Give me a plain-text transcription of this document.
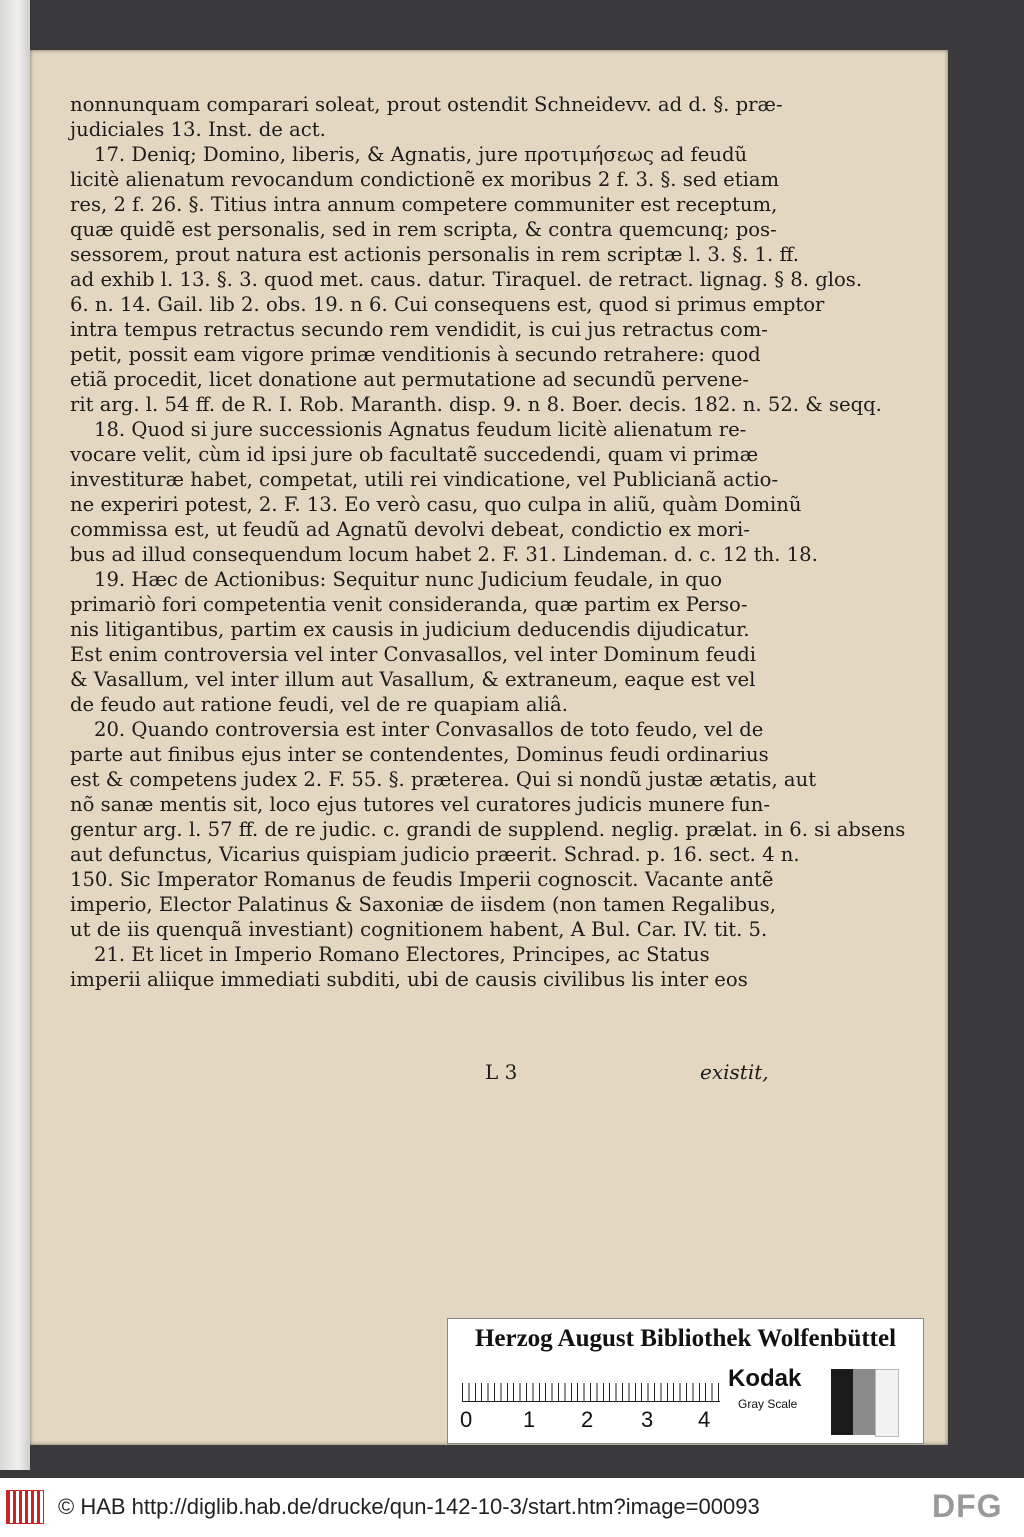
nonnunquam comparari soleat, prout ostendit Schneidevv. ad d. §. præ-
judiciales 13. Inst. de act.
17. Deniq; Domino, liberis, & Agnatis, jure προτιμήσεως ad feudũ
licitè alienatum revocandum condictionẽ ex moribus 2 f. 3. §. sed etiam
res, 2 f. 26. §. Titius intra annum competere communiter est receptum,
quæ quidẽ est personalis, sed in rem scripta, & contra quemcunq; pos-
sessorem, prout natura est actionis personalis in rem scriptæ l. 3. §. 1. ff.
ad exhib l. 13. §. 3. quod met. caus. datur. Tiraquel. de retract. lignag. § 8. glos.
6. n. 14. Gail. lib 2. obs. 19. n 6. Cui consequens est, quod si primus emptor
intra tempus retractus secundo rem vendidit, is cui jus retractus com-
petit, possit eam vigore primæ venditionis à secundo retrahere: quod
etiã procedit, licet donatione aut permutatione ad secundũ pervene-
rit arg. l. 54 ff. de R. I. Rob. Maranth. disp. 9. n 8. Boer. decis. 182. n. 52. & seqq.
18. Quod si jure successionis Agnatus feudum licitè alienatum re-
vocare velit, cùm id ipsi jure ob facultatẽ succedendi, quam vi primæ
investituræ habet, competat, utili rei vindicatione, vel Publicianã actio-
ne experiri potest, 2. F. 13. Eo verò casu, quo culpa in aliũ, quàm Dominũ
commissa est, ut feudũ ad Agnatũ devolvi debeat, condictio ex mori-
bus ad illud consequendum locum habet 2. F. 31. Lindeman. d. c. 12 th. 18.
19. Hæc de Actionibus: Sequitur nunc Judicium feudale, in quo
primariò fori competentia venit consideranda, quæ partim ex Perso-
nis litigantibus, partim ex causis in judicium deducendis dijudicatur.
Est enim controversia vel inter Convasallos, vel inter Dominum feudi
& Vasallum, vel inter illum aut Vasallum, & extraneum, eaque est vel
de feudo aut ratione feudi, vel de re quapiam aliâ.
20. Quando controversia est inter Convasallos de toto feudo, vel de
parte aut finibus ejus inter se contendentes, Dominus feudi ordinarius
est & competens judex 2. F. 55. §. præterea. Qui si nondũ justæ ætatis, aut
nõ sanæ mentis sit, loco ejus tutores vel curatores judicis munere fun-
gentur arg. l. 57 ff. de re judic. c. grandi de supplend. neglig. prælat. in 6. si absens
aut defunctus, Vicarius quispiam judicio præerit. Schrad. p. 16. sect. 4 n.
150. Sic Imperator Romanus de feudis Imperii cognoscit. Vacante antẽ
imperio, Elector Palatinus & Saxoniæ de iisdem (non tamen Regalibus,
ut de iis quenquã investiant) cognitionem habent, A Bul. Car. IV. tit. 5.
21. Et licet in Imperio Romano Electores, Principes, ac Status
imperii aliique immediati subditi, ubi de causis civilibus lis inter eos
L 3	existit,

Herzog August Bibliothek Wolfenbüttel
0 1 2 3 4
Kodak
Gray Scale
© HAB http://diglib.hab.de/drucke/qun-142-10-3/start.htm?image=00093	DFG
